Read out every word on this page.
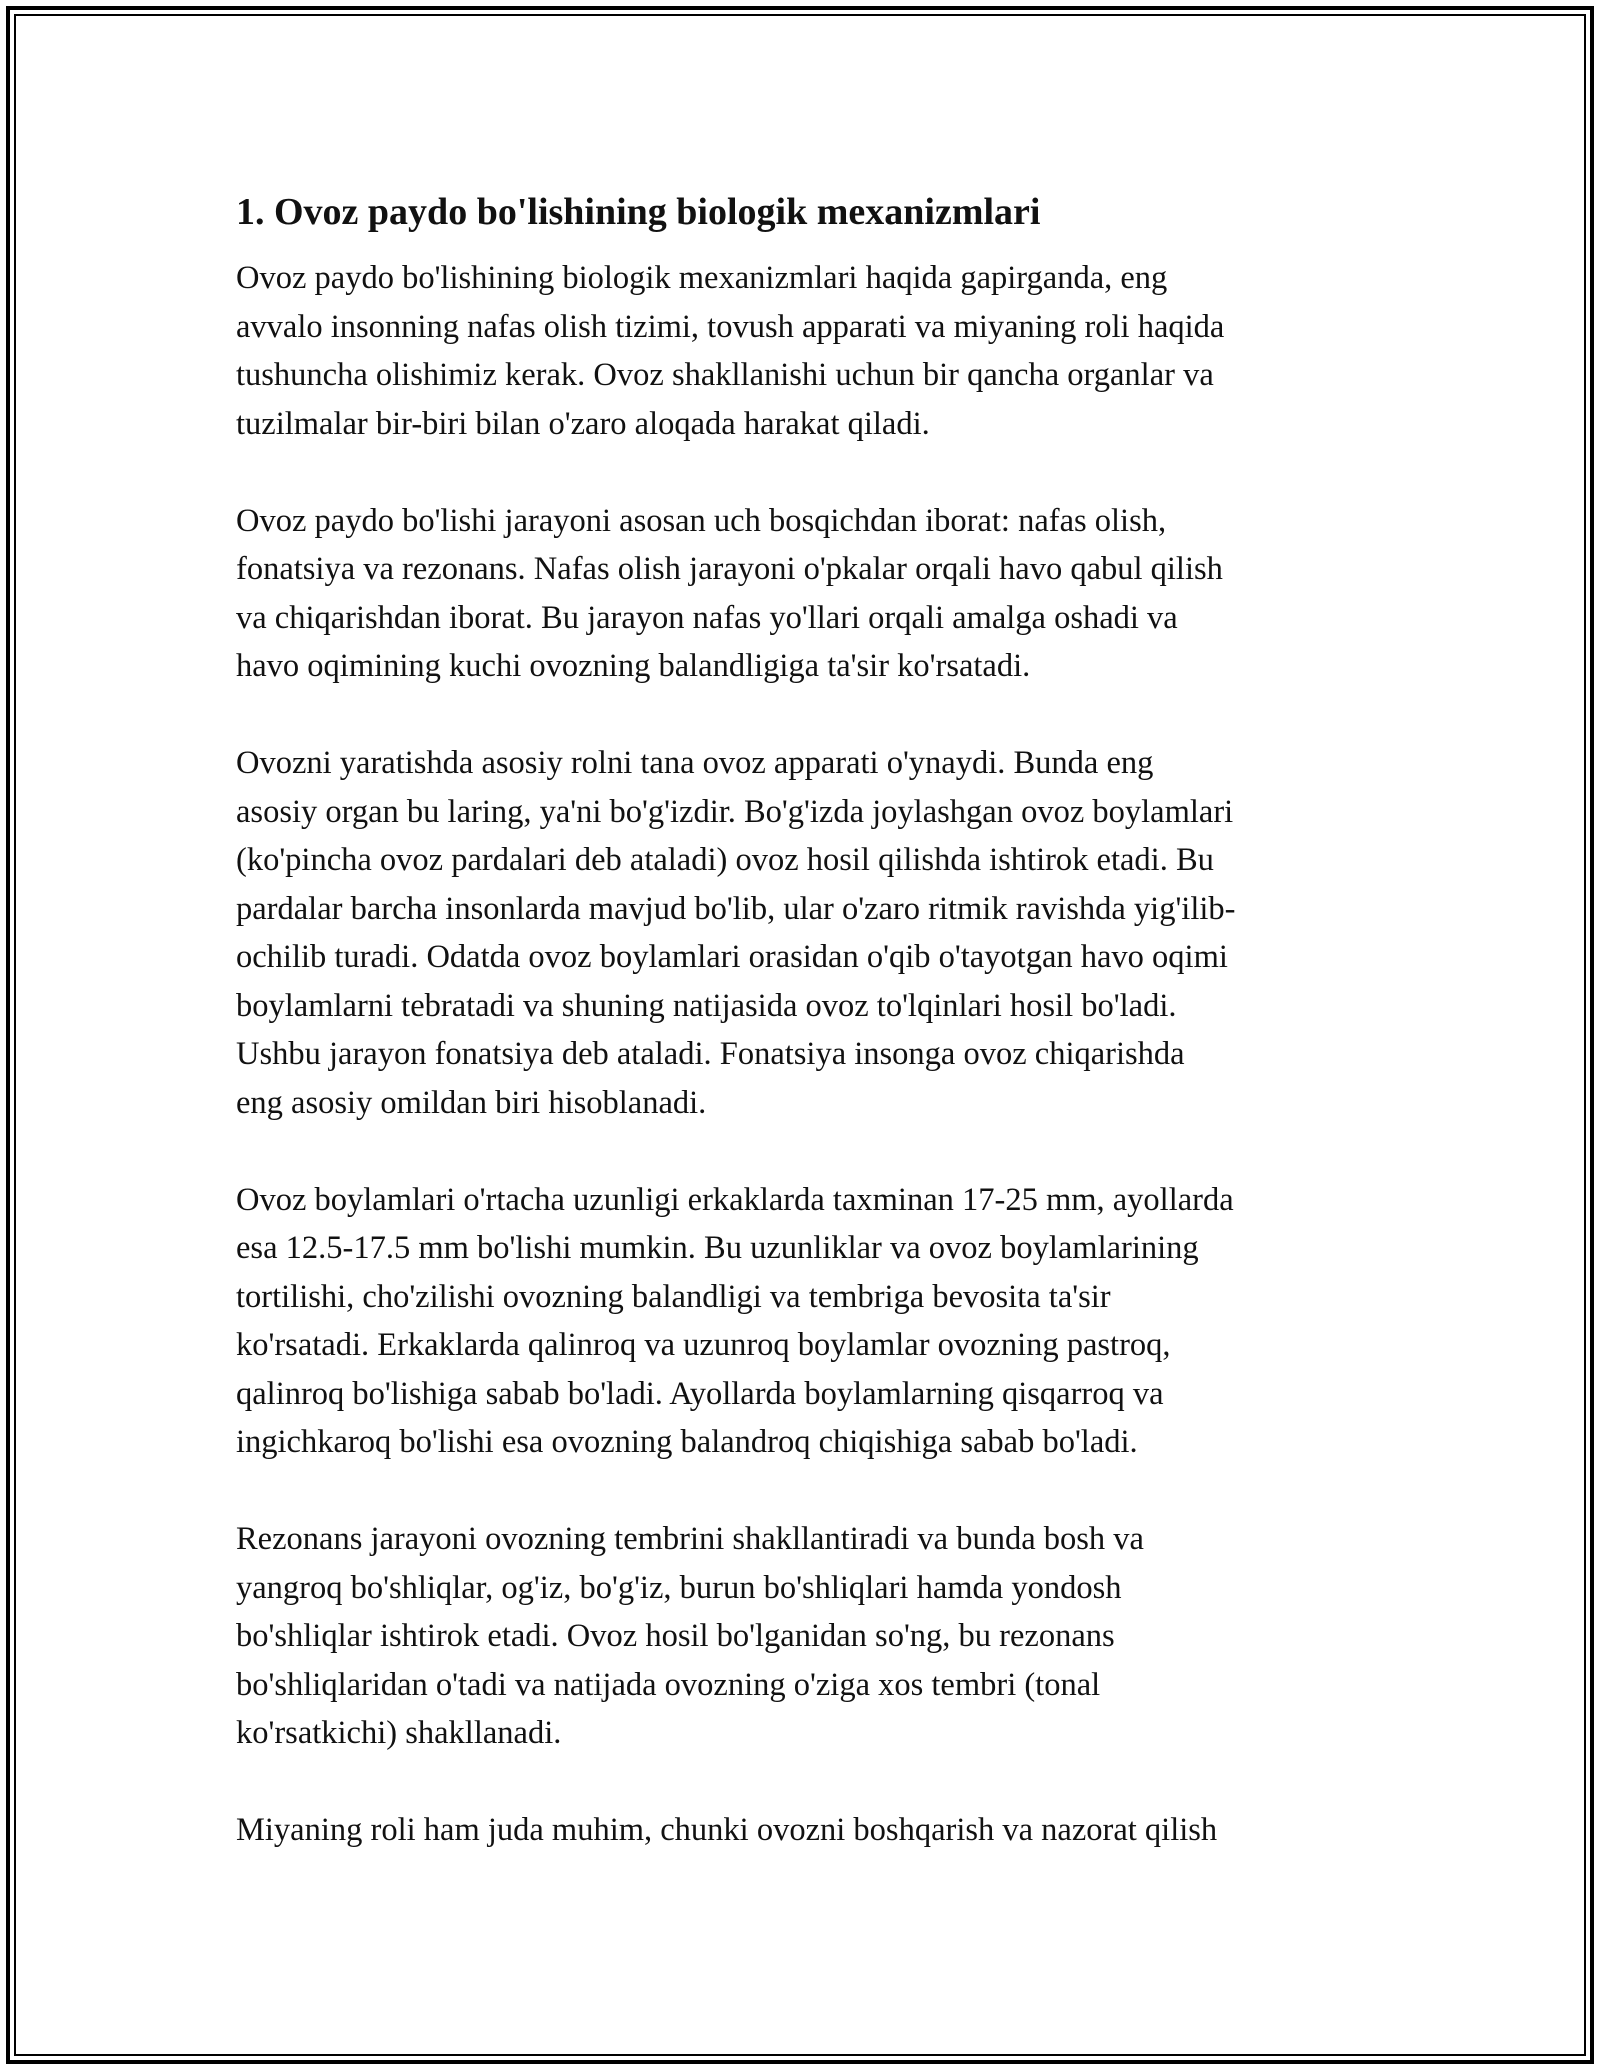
1. Ovoz paydo bo'lishining biologik mexanizmlari

Ovoz paydo bo'lishining biologik mexanizmlari haqida gapirganda, eng
avvalo insonning nafas olish tizimi, tovush apparati va miyaning roli haqida
tushuncha olishimiz kerak. Ovoz shakllanishi uchun bir qancha organlar va
tuzilmalar bir-biri bilan o'zaro aloqada harakat qiladi.

Ovoz paydo bo'lishi jarayoni asosan uch bosqichdan iborat: nafas olish,
fonatsiya va rezonans. Nafas olish jarayoni o'pkalar orqali havo qabul qilish
va chiqarishdan iborat. Bu jarayon nafas yo'llari orqali amalga oshadi va
havo oqimining kuchi ovozning balandligiga ta'sir ko'rsatadi.

Ovozni yaratishda asosiy rolni tana ovoz apparati o'ynaydi. Bunda eng
asosiy organ bu laring, ya'ni bo'g'izdir. Bo'g'izda joylashgan ovoz boylamlari
(ko'pincha ovoz pardalari deb ataladi) ovoz hosil qilishda ishtirok etadi. Bu
pardalar barcha insonlarda mavjud bo'lib, ular o'zaro ritmik ravishda yig'ilib-
ochilib turadi. Odatda ovoz boylamlari orasidan o'qib o'tayotgan havo oqimi
boylamlarni tebratadi va shuning natijasida ovoz to'lqinlari hosil bo'ladi.
Ushbu jarayon fonatsiya deb ataladi. Fonatsiya insonga ovoz chiqarishda
eng asosiy omildan biri hisoblanadi.

Ovoz boylamlari o'rtacha uzunligi erkaklarda taxminan 17-25 mm, ayollarda
esa 12.5-17.5 mm bo'lishi mumkin. Bu uzunliklar va ovoz boylamlarining
tortilishi, cho'zilishi ovozning balandligi va tembriga bevosita ta'sir
ko'rsatadi. Erkaklarda qalinroq va uzunroq boylamlar ovozning pastroq,
qalinroq bo'lishiga sabab bo'ladi. Ayollarda boylamlarning qisqarroq va
ingichkaroq bo'lishi esa ovozning balandroq chiqishiga sabab bo'ladi.

Rezonans jarayoni ovozning tembrini shakllantiradi va bunda bosh va
yangroq bo'shliqlar, og'iz, bo'g'iz, burun bo'shliqlari hamda yondosh
bo'shliqlar ishtirok etadi. Ovoz hosil bo'lganidan so'ng, bu rezonans
bo'shliqlaridan o'tadi va natijada ovozning o'ziga xos tembri (tonal
ko'rsatkichi) shakllanadi.

Miyaning roli ham juda muhim, chunki ovozni boshqarish va nazorat qilish
